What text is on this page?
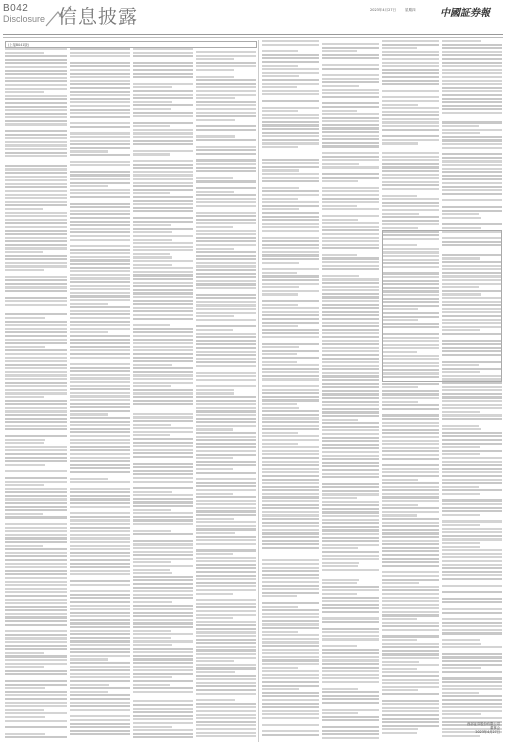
B042
Disclosure 信息披露	2023年4月27日	星期四 中國証券報
(上接B041版)
西部证券股份有限公司
董事会
2023年4月27日
